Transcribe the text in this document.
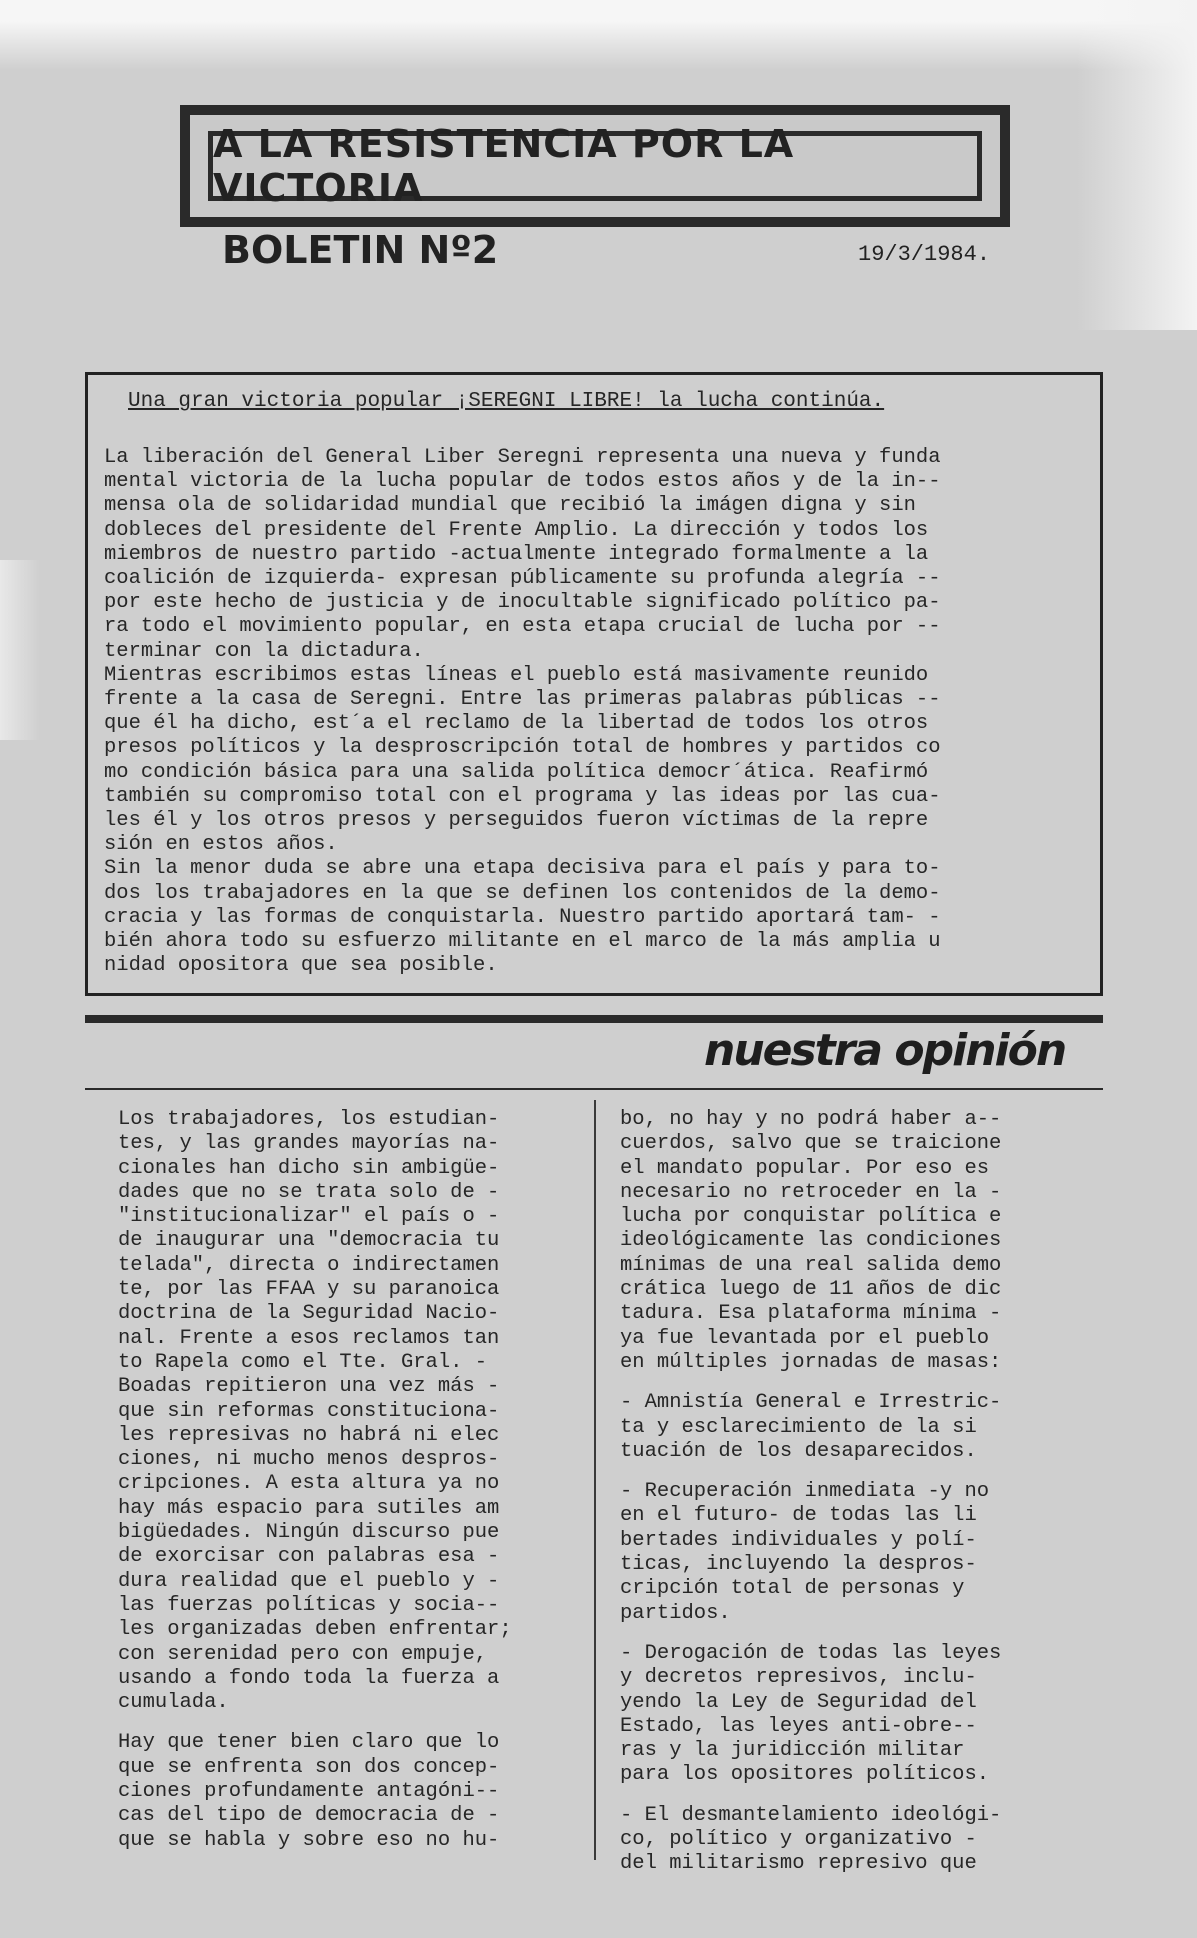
A LA RESISTENCIA POR LA VICTORIA
BOLETIN Nº2	19/3/1984.
Una gran victoria popular ¡SEREGNI LIBRE! la lucha continúa.
La liberación del General Liber Seregni representa una nueva y funda
mental victoria de la lucha popular de todos estos años y de la in--
mensa ola de solidaridad mundial que recibió la imágen digna y sin
dobleces del presidente del Frente Amplio. La dirección y todos los
miembros de nuestro partido -actualmente integrado formalmente a la
coalición de izquierda- expresan públicamente su profunda alegría --
por este hecho de justicia y de inocultable significado político pa-
ra todo el movimiento popular, en esta etapa crucial de lucha por --
terminar con la dictadura.
Mientras escribimos estas líneas el pueblo está masivamente reunido
frente a la casa de Seregni. Entre las primeras palabras públicas --
que él ha dicho, est´a el reclamo de la libertad de todos los otros
presos políticos y la desproscripción total de hombres y partidos co
mo condición básica para una salida política democr´ática. Reafirmó
también su compromiso total con el programa y las ideas por las cua-
les él y los otros presos y perseguidos fueron víctimas de la repre
sión en estos años.
Sin la menor duda se abre una etapa decisiva para el país y para to-
dos los trabajadores en la que se definen los contenidos de la demo-
cracia y las formas de conquistarla. Nuestro partido aportará tam- -
bién ahora todo su esfuerzo militante en el marco de la más amplia u
nidad opositora que sea posible.
nuestra opinión
Los trabajadores, los estudian-
tes, y las grandes mayorías na-
cionales han dicho sin ambigüe-
dades que no se trata solo de -
"institucionalizar" el país o -
de inaugurar una "democracia tu
telada", directa o indirectamen
te, por las FFAA y su paranoica
doctrina de la Seguridad Nacio-
nal. Frente a esos reclamos tan
to Rapela como el Tte. Gral. -
Boadas repitieron una vez más -
que sin reformas constituciona-
les represivas no habrá ni elec
ciones, ni mucho menos despros-
cripciones. A esta altura ya no
hay más espacio para sutiles am
bigüedades. Ningún discurso pue
de exorcisar con palabras esa -
dura realidad que el pueblo y -
las fuerzas políticas y socia--
les organizadas deben enfrentar;
con serenidad pero con empuje,
usando a fondo toda la fuerza a
cumulada.
Hay que tener bien claro que lo
que se enfrenta son dos concep-
ciones profundamente antagóni--
cas del tipo de democracia de -
que se habla y sobre eso no hu-
bo, no hay y no podrá haber a--
cuerdos, salvo que se traicione
el mandato popular. Por eso es
necesario no retroceder en la -
lucha por conquistar política e
ideológicamente las condiciones
mínimas de una real salida demo
crática luego de 11 años de dic
tadura. Esa plataforma mínima -
ya fue levantada por el pueblo
en múltiples jornadas de masas:
- Amnistía General e Irrestric-
ta y esclarecimiento de la si
tuación de los desaparecidos.
- Recuperación inmediata -y no
en el futuro- de todas las li
bertades individuales y polí-
ticas, incluyendo la despros-
cripción total de personas y
partidos.
- Derogación de todas las leyes
y decretos represivos, inclu-
yendo la Ley de Seguridad del
Estado, las leyes anti-obre--
ras y la juridicción militar
para los opositores políticos.
- El desmantelamiento ideológi-
co, político y organizativo -
del militarismo represivo que
